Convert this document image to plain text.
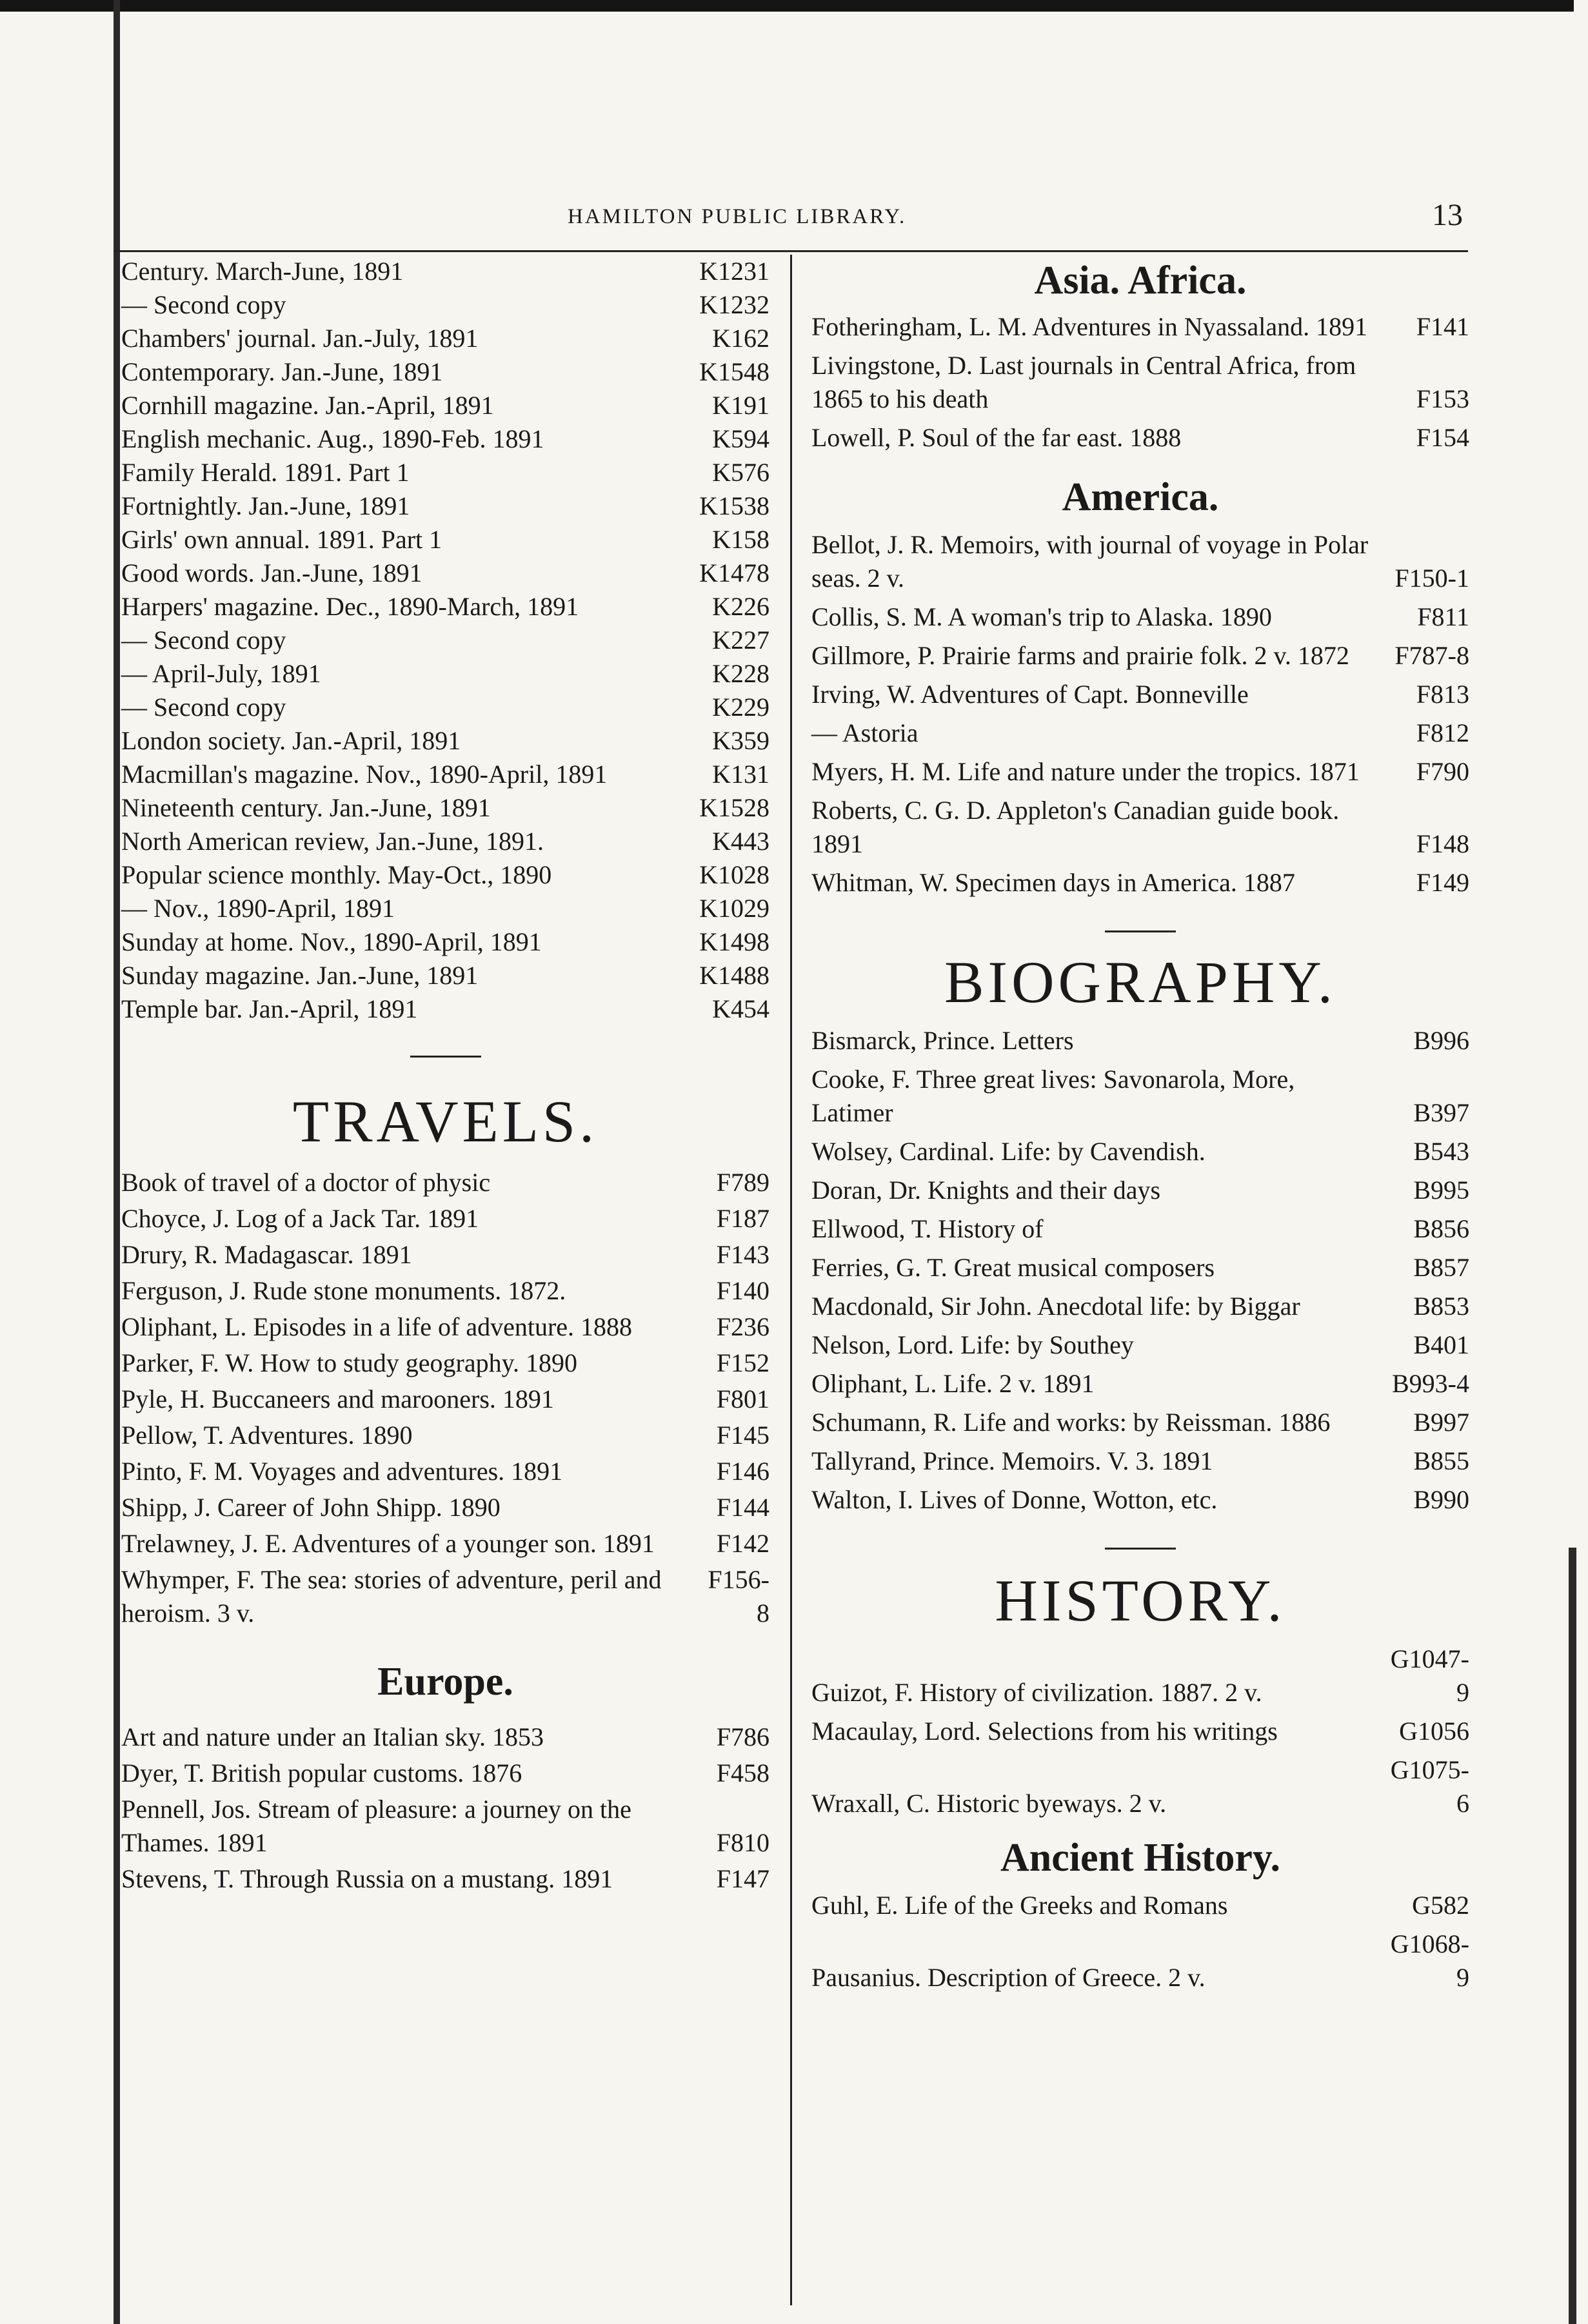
HAMILTON PUBLIC LIBRARY.	13
Century. March-June, 1891	K1231
— Second copy	K1232
Chambers' journal. Jan.-July, 1891	K162
Contemporary. Jan.-June, 1891	K1548
Cornhill magazine. Jan.-April, 1891	K191
English mechanic. Aug., 1890-Feb. 1891	K594
Family Herald. 1891. Part 1	K576
Fortnightly. Jan.-June, 1891	K1538
Girls' own annual. 1891. Part 1	K158
Good words. Jan.-June, 1891	K1478
Harpers' magazine. Dec., 1890-March, 1891	K226
— Second copy	K227
— April-July, 1891	K228
— Second copy	K229
London society. Jan.-April, 1891	K359
Macmillan's magazine. Nov., 1890-April, 1891	K131
Nineteenth century. Jan.-June, 1891	K1528
North American review, Jan.-June, 1891.	K443
Popular science monthly. May-Oct., 1890	K1028
— Nov., 1890-April, 1891	K1029
Sunday at home. Nov., 1890-April, 1891	K1498
Sunday magazine. Jan.-June, 1891	K1488
Temple bar. Jan.-April, 1891	K454
TRAVELS.
Book of travel of a doctor of physic	F789
Choyce, J. Log of a Jack Tar. 1891	F187
Drury, R. Madagascar. 1891	F143
Ferguson, J. Rude stone monuments. 1872.	F140
Oliphant, L. Episodes in a life of adventure. 1888	F236
Parker, F. W. How to study geography. 1890	F152
Pyle, H. Buccaneers and marooners. 1891	F801
Pellow, T. Adventures. 1890	F145
Pinto, F. M. Voyages and adventures. 1891	F146
Shipp, J. Career of John Shipp. 1890	F144
Trelawney, J. E. Adventures of a younger son. 1891	F142
Whymper, F. The sea: stories of adventure, peril and heroism. 3 v.
F156-8
Europe.
Art and nature under an Italian sky. 1853	F786
Dyer, T. British popular customs. 1876	F458
Pennell, Jos. Stream of pleasure: a journey on the Thames. 1891	F810
Stevens, T. Through Russia on a mustang. 1891	F147
Asia. Africa.
Fotheringham, L. M. Adventures in Nyassaland. 1891	F141
Livingstone, D. Last journals in Central Africa, from 1865 to his death	F153
Lowell, P. Soul of the far east. 1888	F154
America.
Bellot, J. R. Memoirs, with journal of voyage in Polar seas. 2 v.	F150-1
Collis, S. M. A woman's trip to Alaska. 1890	F811
Gillmore, P. Prairie farms and prairie folk. 2 v. 1872	F787-8
Irving, W. Adventures of Capt. Bonneville	F813
— Astoria	F812
Myers, H. M. Life and nature under the tropics. 1871	F790
Roberts, C. G. D. Appleton's Canadian guide book. 1891	F148
Whitman, W. Specimen days in America. 1887	F149
BIOGRAPHY.
Bismarck, Prince. Letters	B996
Cooke, F. Three great lives: Savonarola, More, Latimer	B397
Wolsey, Cardinal. Life: by Cavendish.	B543
Doran, Dr. Knights and their days	B995
Ellwood, T. History of	B856
Ferries, G. T. Great musical composers	B857
Macdonald, Sir John. Anecdotal life: by Biggar	B853
Nelson, Lord. Life: by Southey	B401
Oliphant, L. Life. 2 v. 1891	B993-4
Schumann, R. Life and works: by Reissman. 1886	B997
Tallyrand, Prince. Memoirs. V. 3. 1891	B855
Walton, I. Lives of Donne, Wotton, etc.	B990
HISTORY.
Guizot, F. History of civilization. 1887. 2 v.
G1047-9
Macaulay, Lord. Selections from his writings	G1056
Wraxall, C. Historic byeways. 2 v.
G1075-6
Ancient History.
Guhl, E. Life of the Greeks and Romans	G582
Pausanius. Description of Greece. 2 v.
G1068-9
